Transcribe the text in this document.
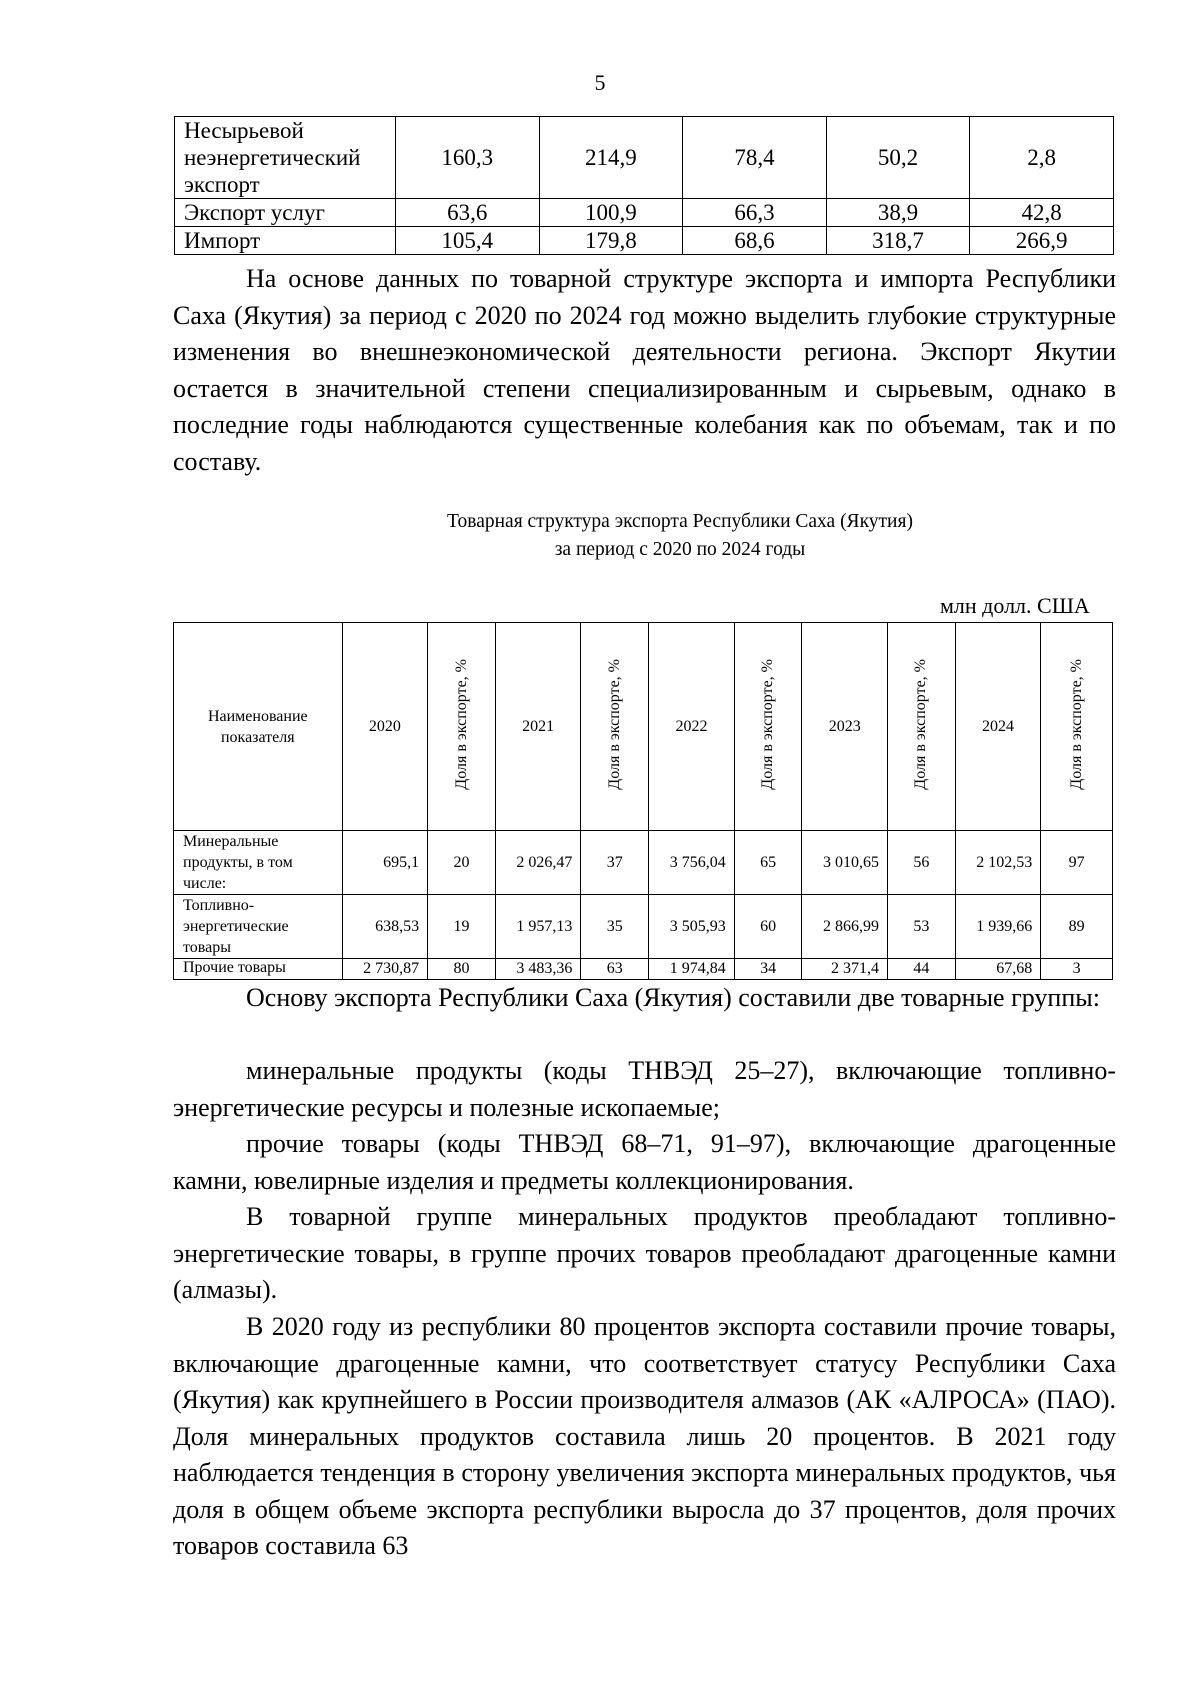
5
Несырьевой
неэнергетический
экспорт	160,3	214,9	78,4	50,2	2,8
Экспорт услуг	63,6	100,9	66,3	38,9	42,8
Импорт	105,4	179,8	68,6	318,7	266,9
На основе данных по товарной структуре экспорта и импорта Республики Саха (Якутия) за период с 2020 по 2024 год можно выделить глубокие структурные изменения во внешнеэкономической деятельности региона. Экспорт Якутии остается в значительной степени специализированным и сырьевым, однако в последние годы наблюдаются существенные колебания как по объемам, так и по составу.
Товарная структура экспорта Республики Саха (Якутия)
за период с 2020 по 2024 годы
млн долл. США
Наименование
показателя	2020	Доля в экспорте, %	2021	Доля в экспорте, %	2022	Доля в экспорте, %	2023	Доля в экспорте, %	2024	Доля в экспорте, %
Минеральные
продукты, в том
числе:	695,1	20	2 026,47	37	3 756,04	65	3 010,65	56	2 102,53	97
Топливно-
энергетические
товары	638,53	19	1 957,13	35	3 505,93	60	2 866,99	53	1 939,66	89
Прочие товары	2 730,87	80	3 483,36	63	1 974,84	34	2 371,4	44	67,68	3
Основу экспорта Республики Саха (Якутия) составили две товарные группы:
минеральные продукты (коды ТНВЭД 25–27), включающие топливно-энергетические ресурсы и полезные ископаемые;
прочие товары (коды ТНВЭД 68–71, 91–97), включающие драгоценные камни, ювелирные изделия и предметы коллекционирования.
В товарной группе минеральных продуктов преобладают топливно-энергетические товары, в группе прочих товаров преобладают драгоценные камни (алмазы).
В 2020 году из республики 80 процентов экспорта составили прочие товары, включающие драгоценные камни, что соответствует статусу Республики Саха (Якутия) как крупнейшего в России производителя алмазов (АК «АЛРОСА» (ПАО). Доля минеральных продуктов составила лишь 20 процентов. В 2021 году наблюдается тенденция в сторону увеличения экспорта минеральных продуктов, чья доля в общем объеме экспорта республики выросла до 37 процентов, доля прочих товаров составила 63
